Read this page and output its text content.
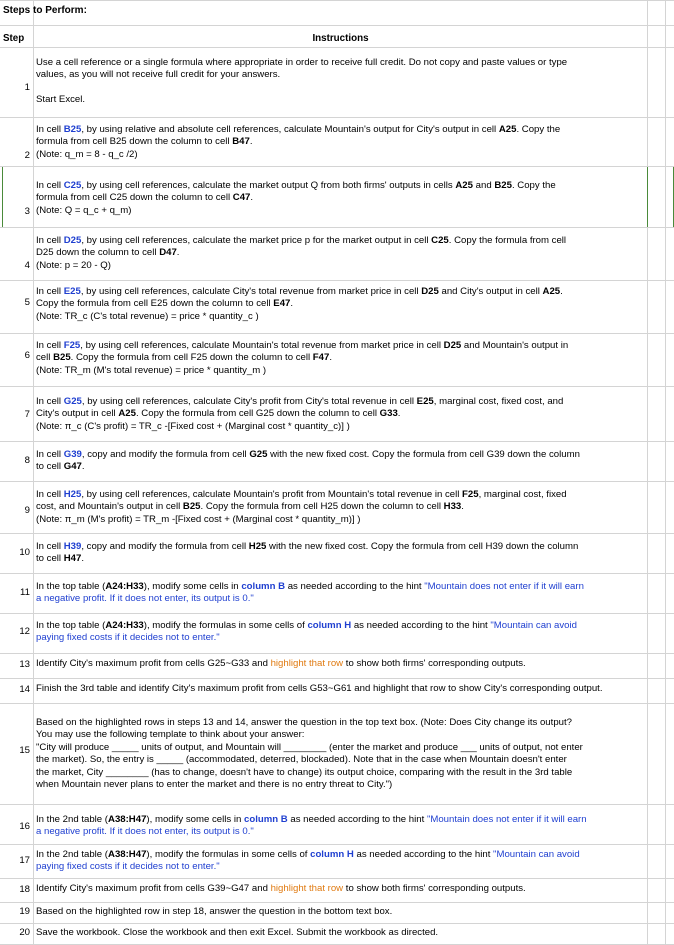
Steps to Perform:
Step	Instructions
1

Use a cell reference or a single formula where appropriate in order to receive full credit. Do not copy and paste values or type

values, as you will not receive full credit for your answers.

Start Excel.

2

In cell B25, by using relative and absolute cell references, calculate Mountain's output for City's output in cell A25. Copy the

formula from cell B25 down the column to cell B47.

(Note: q_m = 8 - q_c /2)

3

In cell C25, by using cell references, calculate the market output Q from both firms' outputs in cells A25 and B25. Copy the

formula from cell C25 down the column to cell C47.

(Note: Q = q_c + q_m)

4

In cell D25, by using cell references, calculate the market price p for the market output in cell C25. Copy the formula from cell

D25 down the column to cell D47.

(Note: p = 20 - Q)

5

In cell E25, by using cell references, calculate City's total revenue from market price in cell D25 and City's output in cell A25.

Copy the formula from cell E25 down the column to cell E47.

(Note: TR_c (C's total revenue) = price * quantity_c )

6

In cell F25, by using cell references, calculate Mountain's total revenue from market price in cell D25 and Mountain's output in

cell B25. Copy the formula from cell F25 down the column to cell F47.

(Note: TR_m (M's total revenue) = price * quantity_m )

7

In cell G25, by using cell references, calculate City's profit from City's total revenue in cell E25, marginal cost, fixed cost, and

City's output in cell A25. Copy the formula from cell G25 down the column to cell G33.

(Note: π_c (C's profit) = TR_c -[Fixed cost + (Marginal cost * quantity_c)] )

8

In cell G39, copy and modify the formula from cell G25 with the new fixed cost. Copy the formula from cell G39 down the column

to cell G47.

9

In cell H25, by using cell references, calculate Mountain's profit from Mountain's total revenue in cell F25, marginal cost, fixed

cost, and Mountain's output in cell B25. Copy the formula from cell H25 down the column to cell H33.

(Note: π_m (M's profit) = TR_m -[Fixed cost + (Marginal cost * quantity_m)] )

10

In cell H39, copy and modify the formula from cell H25 with the new fixed cost. Copy the formula from cell H39 down the column

to cell H47.

11

In the top table (A24:H33), modify some cells in column B as needed according to the hint "Mountain does not enter if it will earn

a negative profit. If it does not enter, its output is 0."

12

In the top table (A24:H33), modify the formulas in some cells of column H as needed according to the hint "Mountain can avoid

paying fixed costs if it decides not to enter."

13 Identify City's maximum profit from cells G25~G33 and highlight that row to show both firms' corresponding outputs.

14 Finish the 3rd table and identify City's maximum profit from cells G53~G61 and highlight that row to show City's corresponding output.

15

Based on the highlighted rows in steps 13 and 14, answer the question in the top text box. (Note: Does City change its output?

You may use the following template to think about your answer:

"City will produce _____ units of output, and Mountain will ________ (enter the market and produce ___ units of output, not enter

the market). So, the entry is _____ (accommodated, deterred, blockaded). Note that in the case when Mountain doesn't enter

the market, City ________ (has to change, doesn't have to change) its output choice, comparing with the result in the 3rd table

when Mountain never plans to enter the market and there is no entry threat to City.")

16

In the 2nd table (A38:H47), modify some cells in column B as needed according to the hint "Mountain does not enter if it will earn

a negative profit. If it does not enter, its output is 0."

17

In the 2nd table (A38:H47), modify the formulas in some cells of column H as needed according to the hint "Mountain can avoid

paying fixed costs if it decides not to enter."

18 Identify City's maximum profit from cells G39~G47 and highlight that row to show both firms' corresponding outputs.

19 Based on the highlighted row in step 18, answer the question in the bottom text box.

20 Save the workbook. Close the workbook and then exit Excel. Submit the workbook as directed.
